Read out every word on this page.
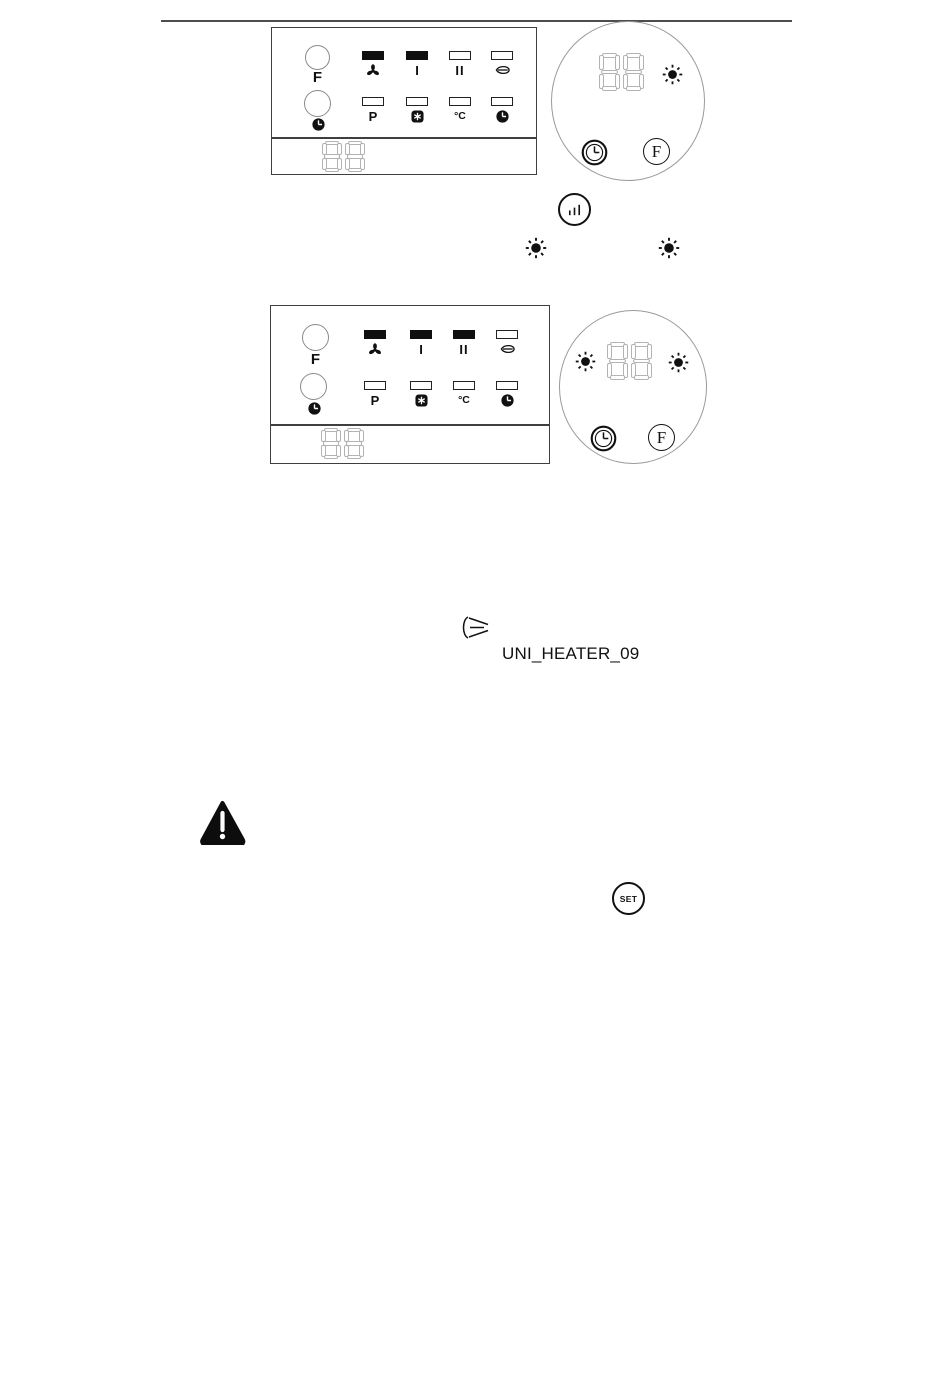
F	I	II
P	°C
F
F
I	II
P	°C
F
UNI_HEATER_09
SET
